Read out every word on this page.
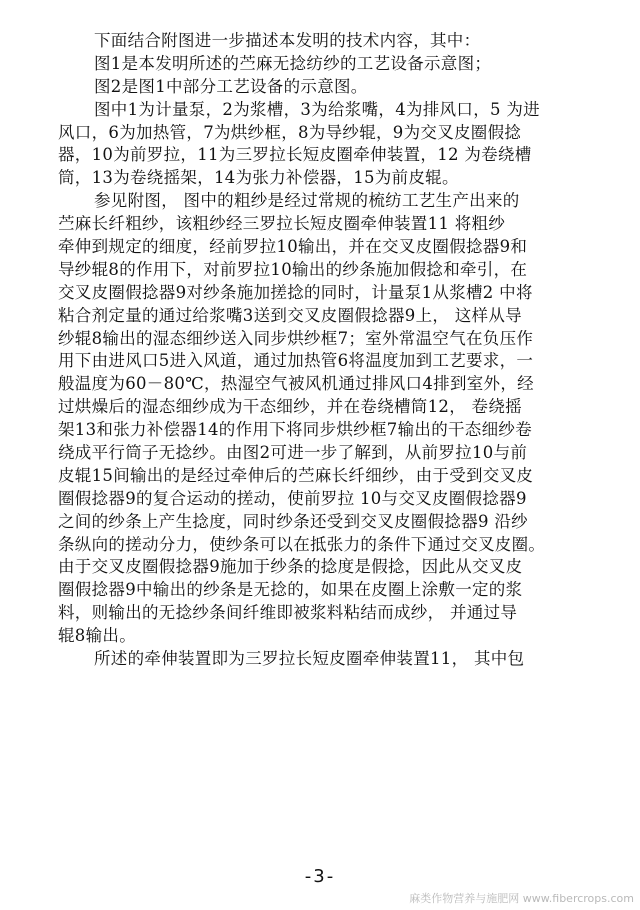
下面结合附图进一步描述本发明的技术内容，其中：
图1是本发明所述的苎麻无捻纺纱的工艺设备示意图；
图2是图1中部分工艺设备的示意图。
图中1为计量泵，2为浆槽，3为给浆嘴，4为排风口，5 为进
风口，6为加热管，7为烘纱框，8为导纱辊，9为交叉皮圈假捻
器，10为前罗拉，11为三罗拉长短皮圈牵伸装置，12 为卷绕槽
筒，13为卷绕摇架，14为张力补偿器，15为前皮辊。
参见附图， 图中的粗纱是经过常规的梳纺工艺生产出来的
苎麻长纤粗纱，该粗纱经三罗拉长短皮圈牵伸装置11 将粗纱
牵伸到规定的细度，经前罗拉10输出，并在交叉皮圈假捻器9和
导纱辊8的作用下，对前罗拉10输出的纱条施加假捻和牵引，在
交叉皮圈假捻器9对纱条施加搓捻的同时，计量泵1从浆槽2 中将
粘合剂定量的通过给浆嘴3送到交叉皮圈假捻器9上， 这样从导
纱辊8输出的湿态细纱送入同步烘纱框7；室外常温空气在负压作
用下由进风口5进入风道，通过加热管6将温度加到工艺要求，一
般温度为60－80℃，热湿空气被风机通过排风口4排到室外，经
过烘燥后的湿态细纱成为干态细纱，并在卷绕槽筒12， 卷绕摇
架13和张力补偿器14的作用下将同步烘纱框7输出的干态细纱卷
绕成平行筒子无捻纱。由图2可进一步了解到，从前罗拉10与前
皮辊15间输出的是经过牵伸后的苎麻长纤细纱，由于受到交叉皮
圈假捻器9的复合运动的搓动，使前罗拉 10与交叉皮圈假捻器9
之间的纱条上产生捻度，同时纱条还受到交叉皮圈假捻器9 沿纱
条纵向的搓动分力，使纱条可以在抵张力的条件下通过交叉皮圈。
由于交叉皮圈假捻器9施加于纱条的捻度是假捻，因此从交叉皮
圈假捻器9中输出的纱条是无捻的，如果在皮圈上涂敷一定的浆
料，则输出的无捻纱条间纤维即被浆料粘结而成纱， 并通过导
辊8输出。
所述的牵伸装置即为三罗拉长短皮圈牵伸装置11， 其中包
-3-
麻类作物营养与施肥网 www.fibercrops.com
